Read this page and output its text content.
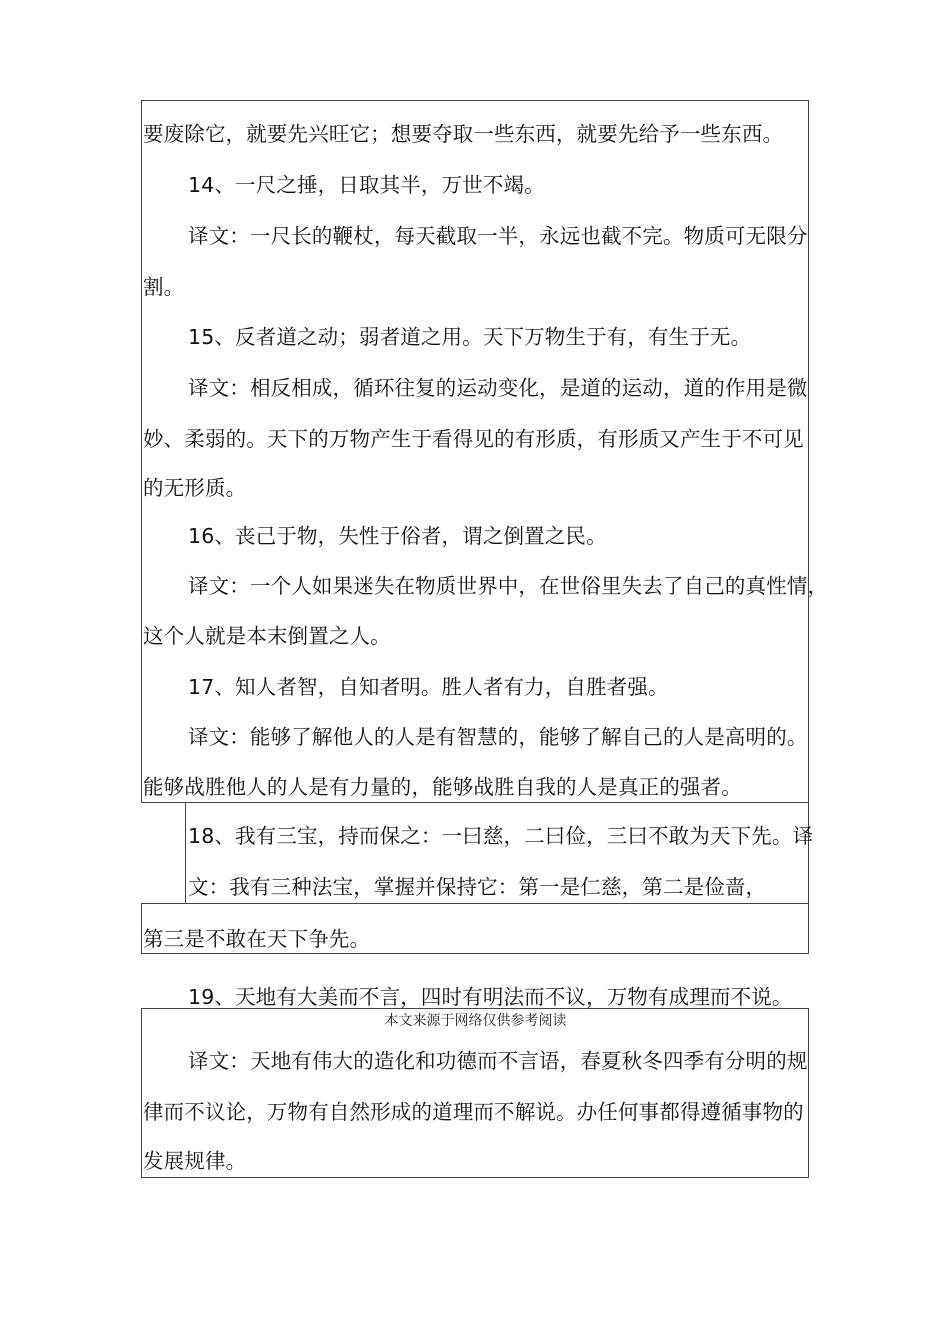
要废除它，就要先兴旺它；想要夺取一些东西，就要先给予一些东西。
14、一尺之捶，日取其半，万世不竭。
译文：一尺长的鞭杖，每天截取一半，永远也截不完。物质可无限分
割。
15、反者道之动；弱者道之用。天下万物生于有，有生于无。
译文：相反相成，循环往复的运动变化，是道的运动，道的作用是微
妙、柔弱的。天下的万物产生于看得见的有形质，有形质又产生于不可见
的无形质。
16、丧己于物，失性于俗者，谓之倒置之民。
译文：一个人如果迷失在物质世界中，在世俗里失去了自己的真性情，
这个人就是本末倒置之人。
17、知人者智，自知者明。胜人者有力，自胜者强。
译文：能够了解他人的人是有智慧的，能够了解自己的人是高明的。
能够战胜他人的人是有力量的，能够战胜自我的人是真正的强者。
18、我有三宝，持而保之：一曰慈，二曰俭，三曰不敢为天下先。译
文：我有三种法宝，掌握并保持它：第一是仁慈，第二是俭啬，
第三是不敢在天下争先。
19、天地有大美而不言，四时有明法而不议，万物有成理而不说。
本文来源于网络仅供参考阅读
译文：天地有伟大的造化和功德而不言语，春夏秋冬四季有分明的规
律而不议论，万物有自然形成的道理而不解说。办任何事都得遵循事物的
发展规律。
